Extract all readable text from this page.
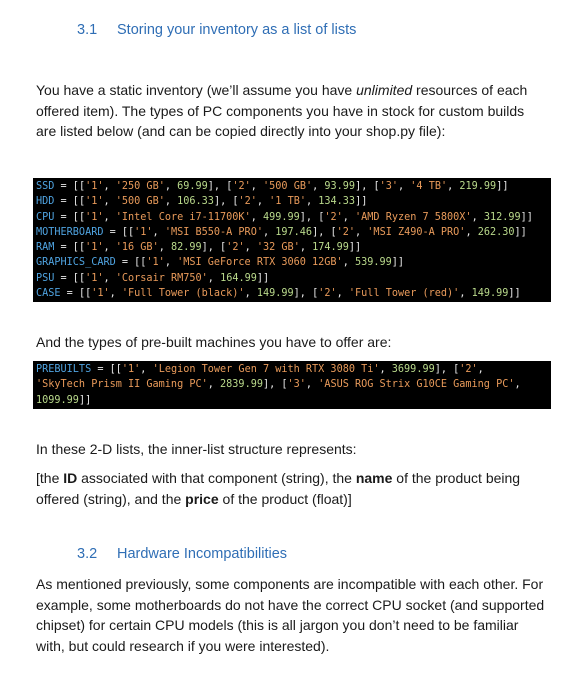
3.1 Storing your inventory as a list of lists
You have a static inventory (we’ll assume you have unlimited resources of each offered item). The types of PC components you have in stock for custom builds are listed below (and can be copied directly into your shop.py file):
SSD = [['1', '250 GB', 69.99], ['2', '500 GB', 93.99], ['3', '4 TB', 219.99]]
HDD = [['1', '500 GB', 106.33], ['2', '1 TB', 134.33]]
CPU = [['1', 'Intel Core i7-11700K', 499.99], ['2', 'AMD Ryzen 7 5800X', 312.99]]
MOTHERBOARD = [['1', 'MSI B550-A PRO', 197.46], ['2', 'MSI Z490-A PRO', 262.30]]
RAM = [['1', '16 GB', 82.99], ['2', '32 GB', 174.99]]
GRAPHICS_CARD = [['1', 'MSI GeForce RTX 3060 12GB', 539.99]]
PSU = [['1', 'Corsair RM750', 164.99]]
CASE = [['1', 'Full Tower (black)', 149.99], ['2', 'Full Tower (red)', 149.99]]
And the types of pre-built machines you have to offer are:
PREBUILTS = [['1', 'Legion Tower Gen 7 with RTX 3080 Ti', 3699.99], ['2',
'SkyTech Prism II Gaming PC', 2839.99], ['3', 'ASUS ROG Strix G10CE Gaming PC',
1099.99]]
In these 2-D lists, the inner-list structure represents:
[the ID associated with that component (string), the name of the product being offered (string), and the price of the product (float)]
3.2 Hardware Incompatibilities
As mentioned previously, some components are incompatible with each other. For example, some motherboards do not have the correct CPU socket (and supported chipset) for certain CPU models (this is all jargon you don’t need to be familiar with, but could research if you were interested).
